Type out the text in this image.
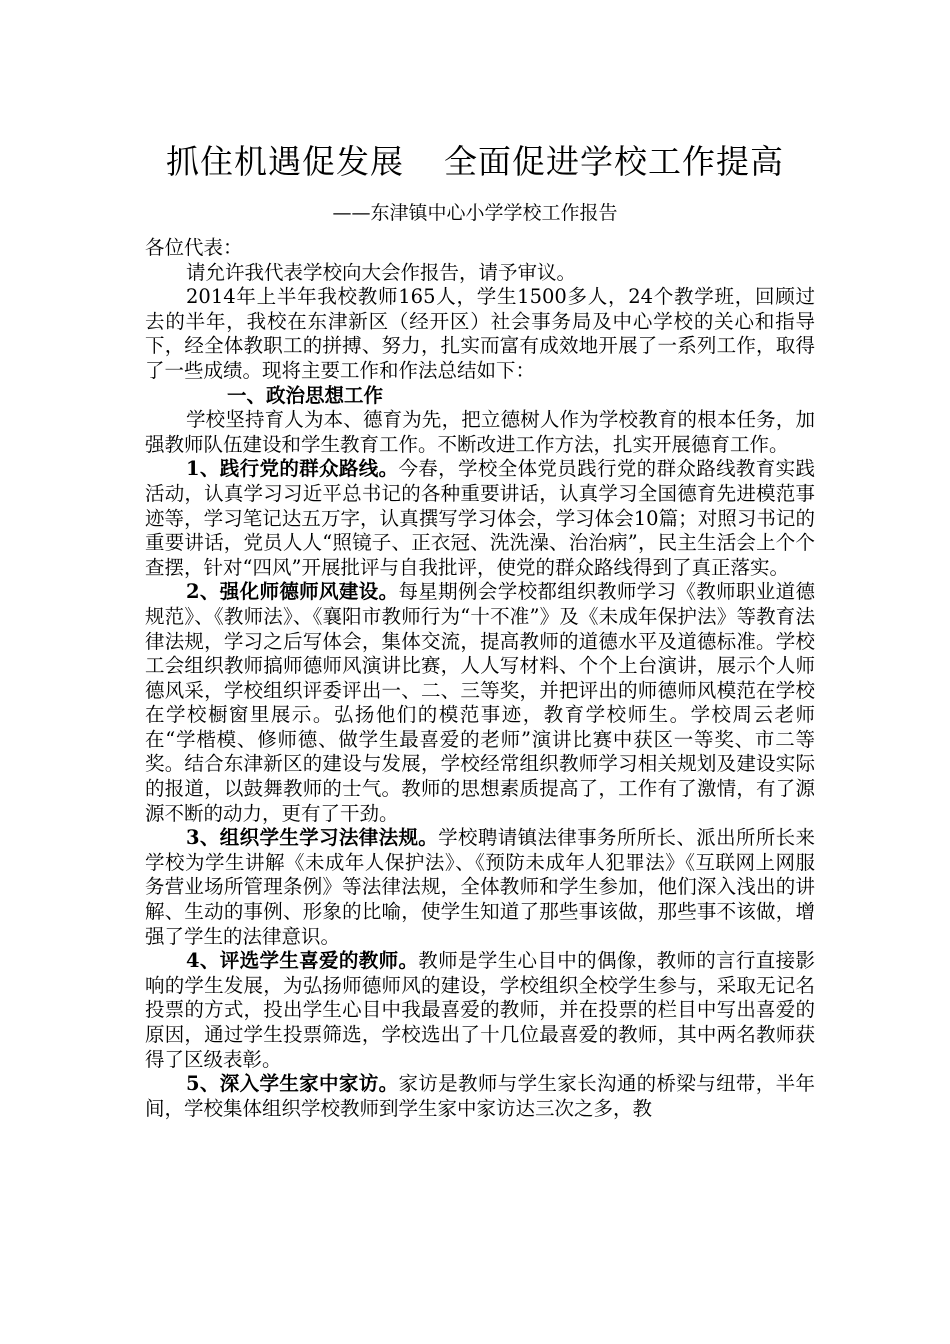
抓住机遇促发展 全面促进学校工作提高
——东津镇中心小学学校工作报告

各位代表：

请允许我代表学校向大会作报告，请予审议。

2014年上半年我校教师165人，学生1500多人，24个教学班，回顾过去的半年，我校在东津新区（经开区）社会事务局及中心学校的关心和指导下，经全体教职工的拼搏、努力，扎实而富有成效地开展了一系列工作，取得了一些成绩。现将主要工作和作法总结如下：

一、政治思想工作

学校坚持育人为本、德育为先，把立德树人作为学校教育的根本任务，加强教师队伍建设和学生教育工作。不断改进工作方法，扎实开展德育工作。

1、践行党的群众路线。今春，学校全体党员践行党的群众路线教育实践活动，认真学习习近平总书记的各种重要讲话，认真学习全国德育先进模范事迹等，学习笔记达五万字，认真撰写学习体会，学习体会10篇；对照习书记的重要讲话，党员人人“照镜子、正衣冠、洗洗澡、治治病”，民主生活会上个个查摆，针对“四风”开展批评与自我批评，使党的群众路线得到了真正落实。

2、强化师德师风建设。每星期例会学校都组织教师学习《教师职业道德规范》、《教师法》、《襄阳市教师行为“十不准”》及《未成年保护法》等教育法律法规，学习之后写体会，集体交流，提高教师的道德水平及道德标准。学校工会组织教师搞师德师风演讲比赛，人人写材料、个个上台演讲，展示个人师德风采，学校组织评委评出一、二、三等奖，并把评出的师德师风模范在学校在学校橱窗里展示。弘扬他们的模范事迹，教育学校师生。学校周云老师在“学楷模、修师德、做学生最喜爱的老师”演讲比赛中获区一等奖、市二等奖。结合东津新区的建设与发展，学校经常组织教师学习相关规划及建设实际的报道，以鼓舞教师的士气。教师的思想素质提高了，工作有了激情，有了源源不断的动力，更有了干劲。

3、组织学生学习法律法规。学校聘请镇法律事务所所长、派出所所长来学校为学生讲解《未成年人保护法》、《预防未成年人犯罪法》《互联网上网服务营业场所管理条例》等法律法规，全体教师和学生参加，他们深入浅出的讲解、生动的事例、形象的比喻，使学生知道了那些事该做，那些事不该做，增强了学生的法律意识。

4、评选学生喜爱的教师。教师是学生心目中的偶像，教师的言行直接影响的学生发展，为弘扬师德师风的建设，学校组织全校学生参与，采取无记名投票的方式，投出学生心目中我最喜爱的教师，并在投票的栏目中写出喜爱的原因，通过学生投票筛选，学校选出了十几位最喜爱的教师，其中两名教师获得了区级表彰。

5、深入学生家中家访。家访是教师与学生家长沟通的桥梁与纽带，半年间，学校集体组织学校教师到学生家中家访达三次之多，教
